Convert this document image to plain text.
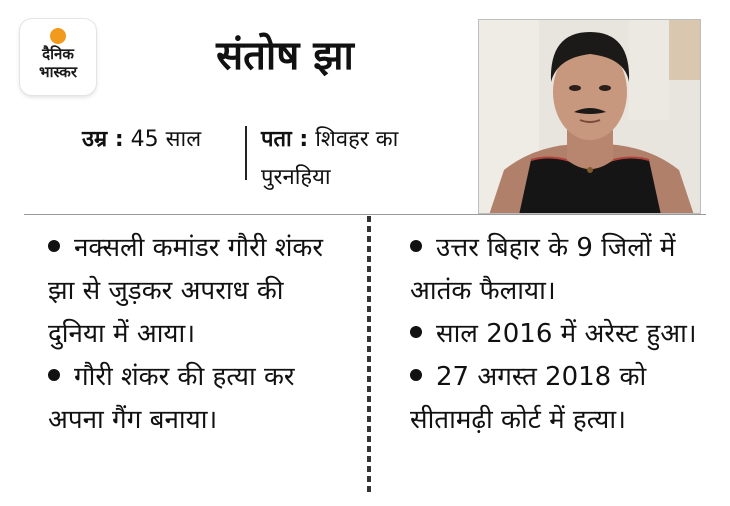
दैनिक
भास्कर	संतोष झा
उम्र : 45 साल	पता : शिवहर का पुरनहिया

नक्सली कमांडर गौरी शंकर झा से जुड़कर अपराध की दुनिया में आया।

गौरी शंकर की हत्या कर अपना गैंग बनाया।

उत्तर बिहार के 9 जिलों में आतंक फैलाया।

साल 2016 में अरेस्ट हुआ।

27 अगस्त 2018 को सीतामढ़ी कोर्ट में हत्या।
